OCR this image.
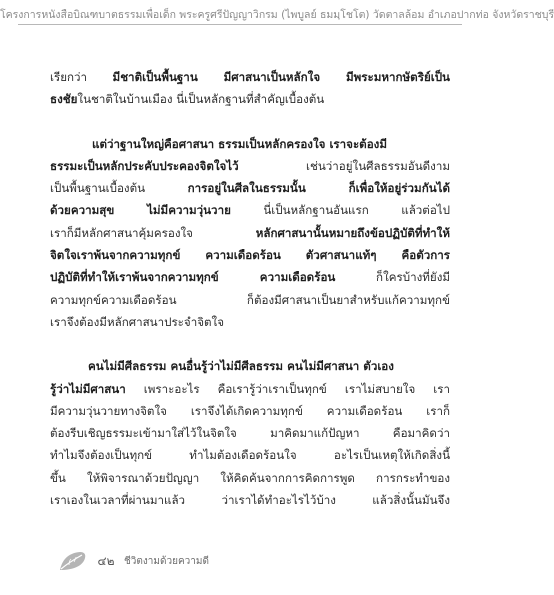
โครงการหนังสือบิณฑบาตธรรมเพื่อเด็ก พระครูศรีปัญญาวิกรม (ไพบูลย์ ธมมฺโชโต) วัดตาลล้อม อำเภอปากท่อ จังหวัดราชบุรี

เรียกว่า มีชาติเป็นพื้นฐาน มีศาสนาเป็นหลักใจ มีพระมหากษัตริย์เป็น
ธงชัยในชาติในบ้านเมือง นี่เป็นหลักฐานที่สำคัญเบื้องต้น

แต่ว่าฐานใหญ่คือศาสนา ธรรมเป็นหลักครองใจ เราจะต้องมี
ธรรมะเป็นหลักประคับประคองจิตใจไว้ เช่นว่าอยู่ในศีลธรรมอันดีงาม
เป็นพื้นฐานเบื้องต้น การอยู่ในศีลในธรรมนั้น ก็เพื่อให้อยู่ร่วมกันได้
ด้วยความสุข ไม่มีความวุ่นวาย นี่เป็นหลักฐานอันแรก แล้วต่อไป
เราก็มีหลักศาสนาคุ้มครองใจ หลักศาสนานั้นหมายถึงข้อปฏิบัติที่ทำให้
จิตใจเราพ้นจากความทุกข์ ความเดือดร้อน ตัวศาสนาแท้ๆ คือตัวการ
ปฏิบัติที่ทำให้เราพ้นจากความทุกข์ ความเดือดร้อน ก็ใครบ้างที่ยังมี
ความทุกข์ความเดือดร้อน ก็ต้องมีศาสนาเป็นยาสำหรับแก้ความทุกข์
เราจึงต้องมีหลักศาสนาประจำจิตใจ

คนไม่มีศีลธรรม คนอื่นรู้ว่าไม่มีศีลธรรม คนไม่มีศาสนา ตัวเอง
รู้ว่าไม่มีศาสนา เพราะอะไร คือเรารู้ว่าเราเป็นทุกข์ เราไม่สบายใจ เรา
มีความวุ่นวายทางจิตใจ เราจึงได้เกิดความทุกข์ ความเดือดร้อน เราก็
ต้องรีบเชิญธรรมะเข้ามาใส่ไว้ในจิตใจ มาคิดมาแก้ปัญหา คือมาคิดว่า
ทำไมจึงต้องเป็นทุกข์ ทำไมต้องเดือดร้อนใจ อะไรเป็นเหตุให้เกิดสิ่งนี้
ขึ้น ให้พิจารณาด้วยปัญญา ให้คิดค้นจากการคิดการพูด การกระทำของ
เราเองในเวลาที่ผ่านมาแล้ว ว่าเราได้ทำอะไรไว้บ้าง แล้วสิ่งนั้นมันจึง

๔๒ ชีวิตงามด้วยความดี
